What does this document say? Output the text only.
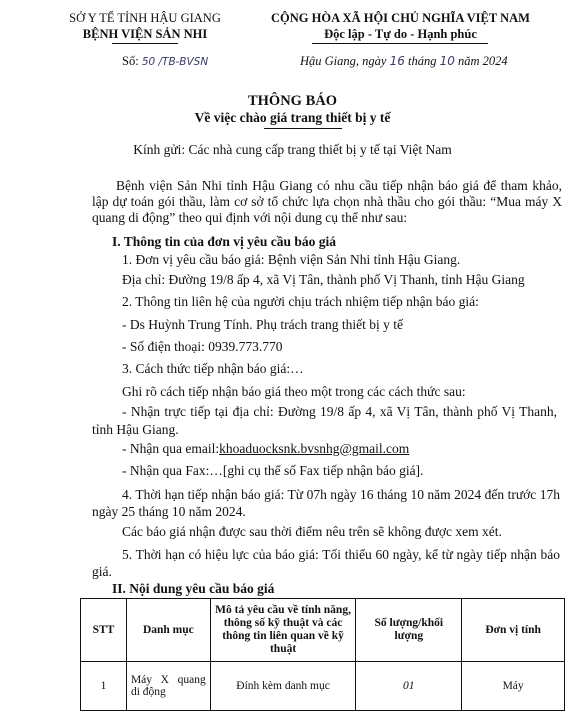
SỞ Y TẾ TỈNH HẬU GIANG
BỆNH VIỆN SẢN NHI
CỘNG HÒA XÃ HỘI CHỦ NGHĨA VIỆT NAM
Độc lập - Tự do - Hạnh phúc
Số: 50 /TB-BVSN	Hậu Giang, ngày 16 tháng 10 năm 2024
THÔNG BÁO
Về việc chào giá trang thiết bị y tế
Kính gửi: Các nhà cung cấp trang thiết bị y tế tại Việt Nam
Bệnh viện Sản Nhi tỉnh Hậu Giang có nhu cầu tiếp nhận báo giá để tham khảo, lập dự toán gói thầu, làm cơ sở tổ chức lựa chọn nhà thầu cho gói thầu: “Mua máy X quang di động” theo qui định với nội dung cụ thể như sau:
I. Thông tin của đơn vị yêu cầu báo giá
1. Đơn vị yêu cầu báo giá: Bệnh viện Sản Nhi tỉnh Hậu Giang.
Địa chỉ: Đường 19/8 ấp 4, xã Vị Tân, thành phố Vị Thanh, tỉnh Hậu Giang
2. Thông tin liên hệ của người chịu trách nhiệm tiếp nhận báo giá:
- Ds Huỳnh Trung Tính. Phụ trách trang thiết bị y tế
- Số điện thoại: 0939.773.770
3. Cách thức tiếp nhận báo giá:…
Ghi rõ cách tiếp nhận báo giá theo một trong các cách thức sau:
- Nhận trực tiếp tại địa chỉ: Đường 19/8 ấp 4, xã Vị Tân, thành phố Vị Thanh, tỉnh Hậu Giang.
- Nhận qua email:khoaduocksnk.bvsnhg@gmail.com
- Nhận qua Fax:…[ghi cụ thể số Fax tiếp nhận báo giá].
4. Thời hạn tiếp nhận báo giá: Từ 07h ngày 16 tháng 10 năm 2024 đến trước 17h ngày 25 tháng 10 năm 2024.
Các báo giá nhận được sau thời điểm nêu trên sẽ không được xem xét.
5. Thời hạn có hiệu lực của báo giá: Tối thiểu 60 ngày, kể từ ngày tiếp nhận báo giá.
II. Nội dung yêu cầu báo giá
STT	Danh mục	Mô tả yêu cầu về tính năng, thông số kỹ thuật và các thông tin liên quan về kỹ thuật	Số lượng/khối lượng	Đơn vị tính
1	Máy X quang di động	Đính kèm danh mục	01	Máy
